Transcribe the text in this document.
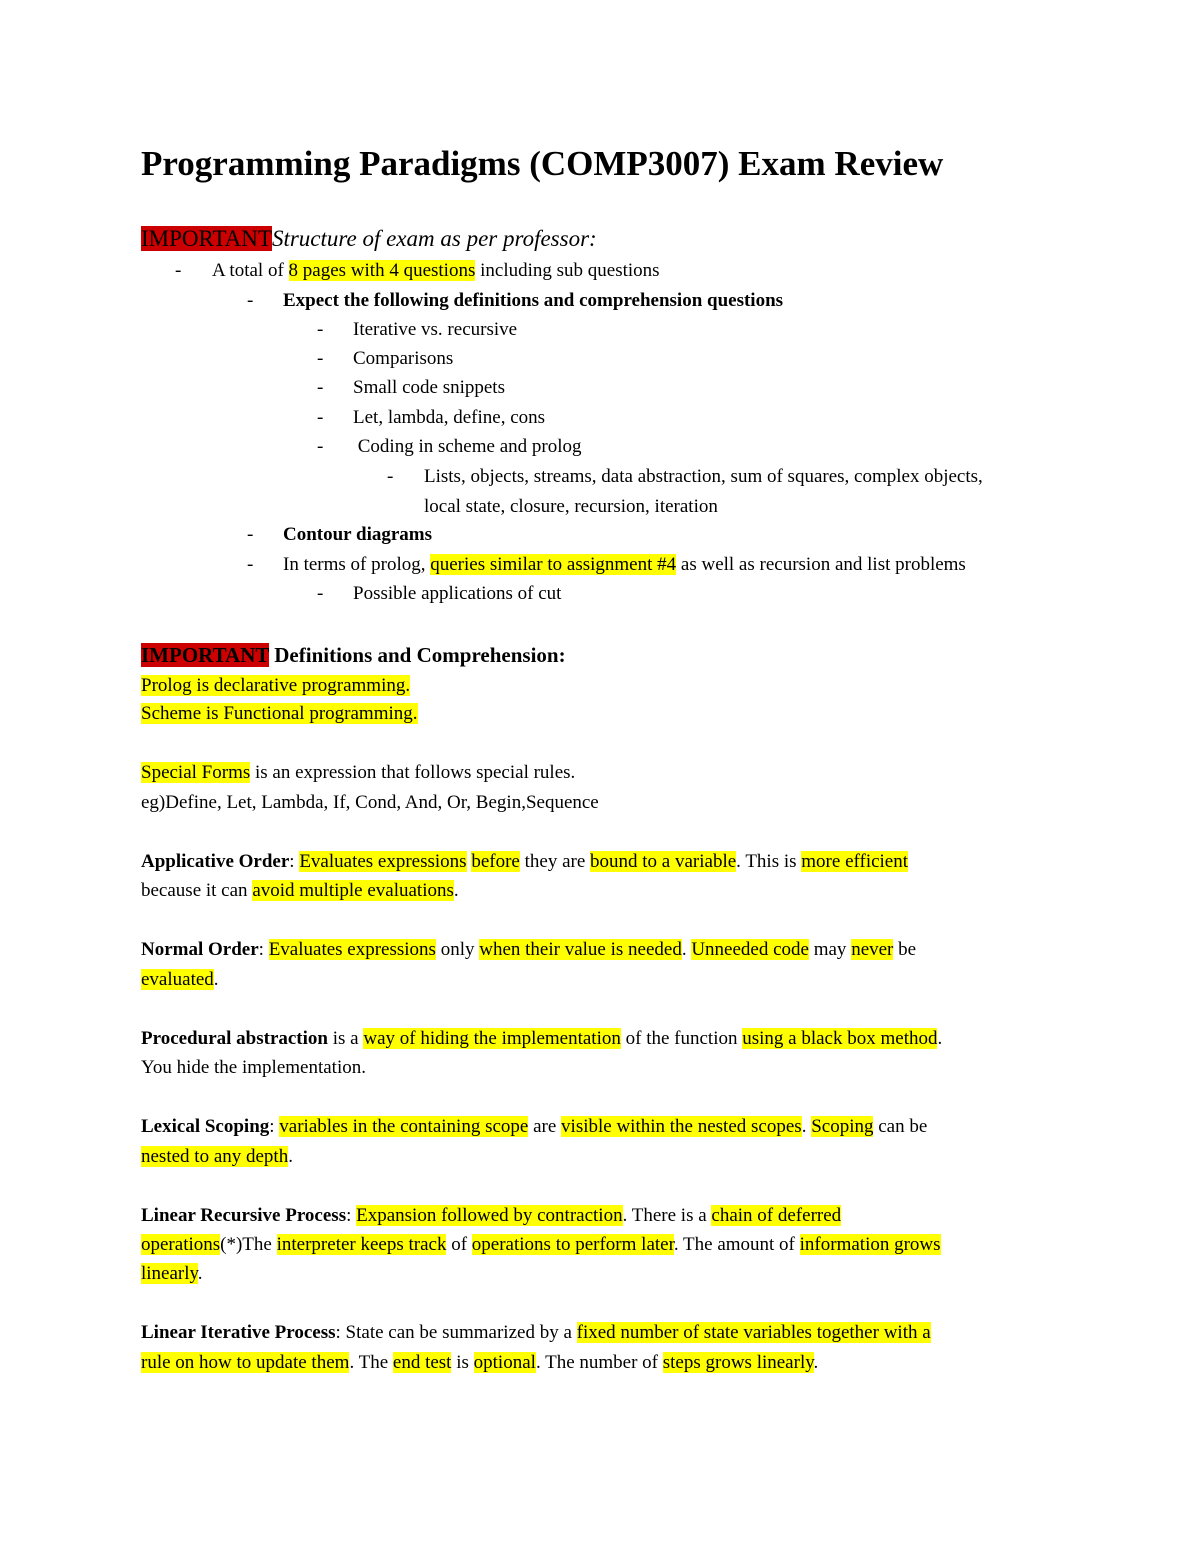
Programming Paradigms (COMP3007) Exam Review
IMPORTANTStructure of exam as per professor:
- A total of 8 pages with 4 questions including sub questions
- Expect the following definitions and comprehension questions
- Iterative vs. recursive
- Comparisons
- Small code snippets
- Let, lambda, define, cons
- Coding in scheme and prolog
- Lists, objects, streams, data abstraction, sum of squares, complex objects,
local state, closure, recursion, iteration
- Contour diagrams
- In terms of prolog, queries similar to assignment #4 as well as recursion and list problems
- Possible applications of cut
IMPORTANT Definitions and Comprehension:
Prolog is declarative programming.
Scheme is Functional programming.
Special Forms is an expression that follows special rules.
eg)Define, Let, Lambda, If, Cond, And, Or, Begin,Sequence
Applicative Order: Evaluates expressions before they are bound to a variable. This is more efficient
because it can avoid multiple evaluations.
Normal Order: Evaluates expressions only when their value is needed. Unneeded code may never be
evaluated.
Procedural abstraction is a way of hiding the implementation of the function using a black box method.
You hide the implementation.
Lexical Scoping: variables in the containing scope are visible within the nested scopes. Scoping can be
nested to any depth.
Linear Recursive Process: Expansion followed by contraction. There is a chain of deferred
operations(*)The interpreter keeps track of operations to perform later. The amount of information grows
linearly.
Linear Iterative Process: State can be summarized by a fixed number of state variables together with a
rule on how to update them. The end test is optional. The number of steps grows linearly.
